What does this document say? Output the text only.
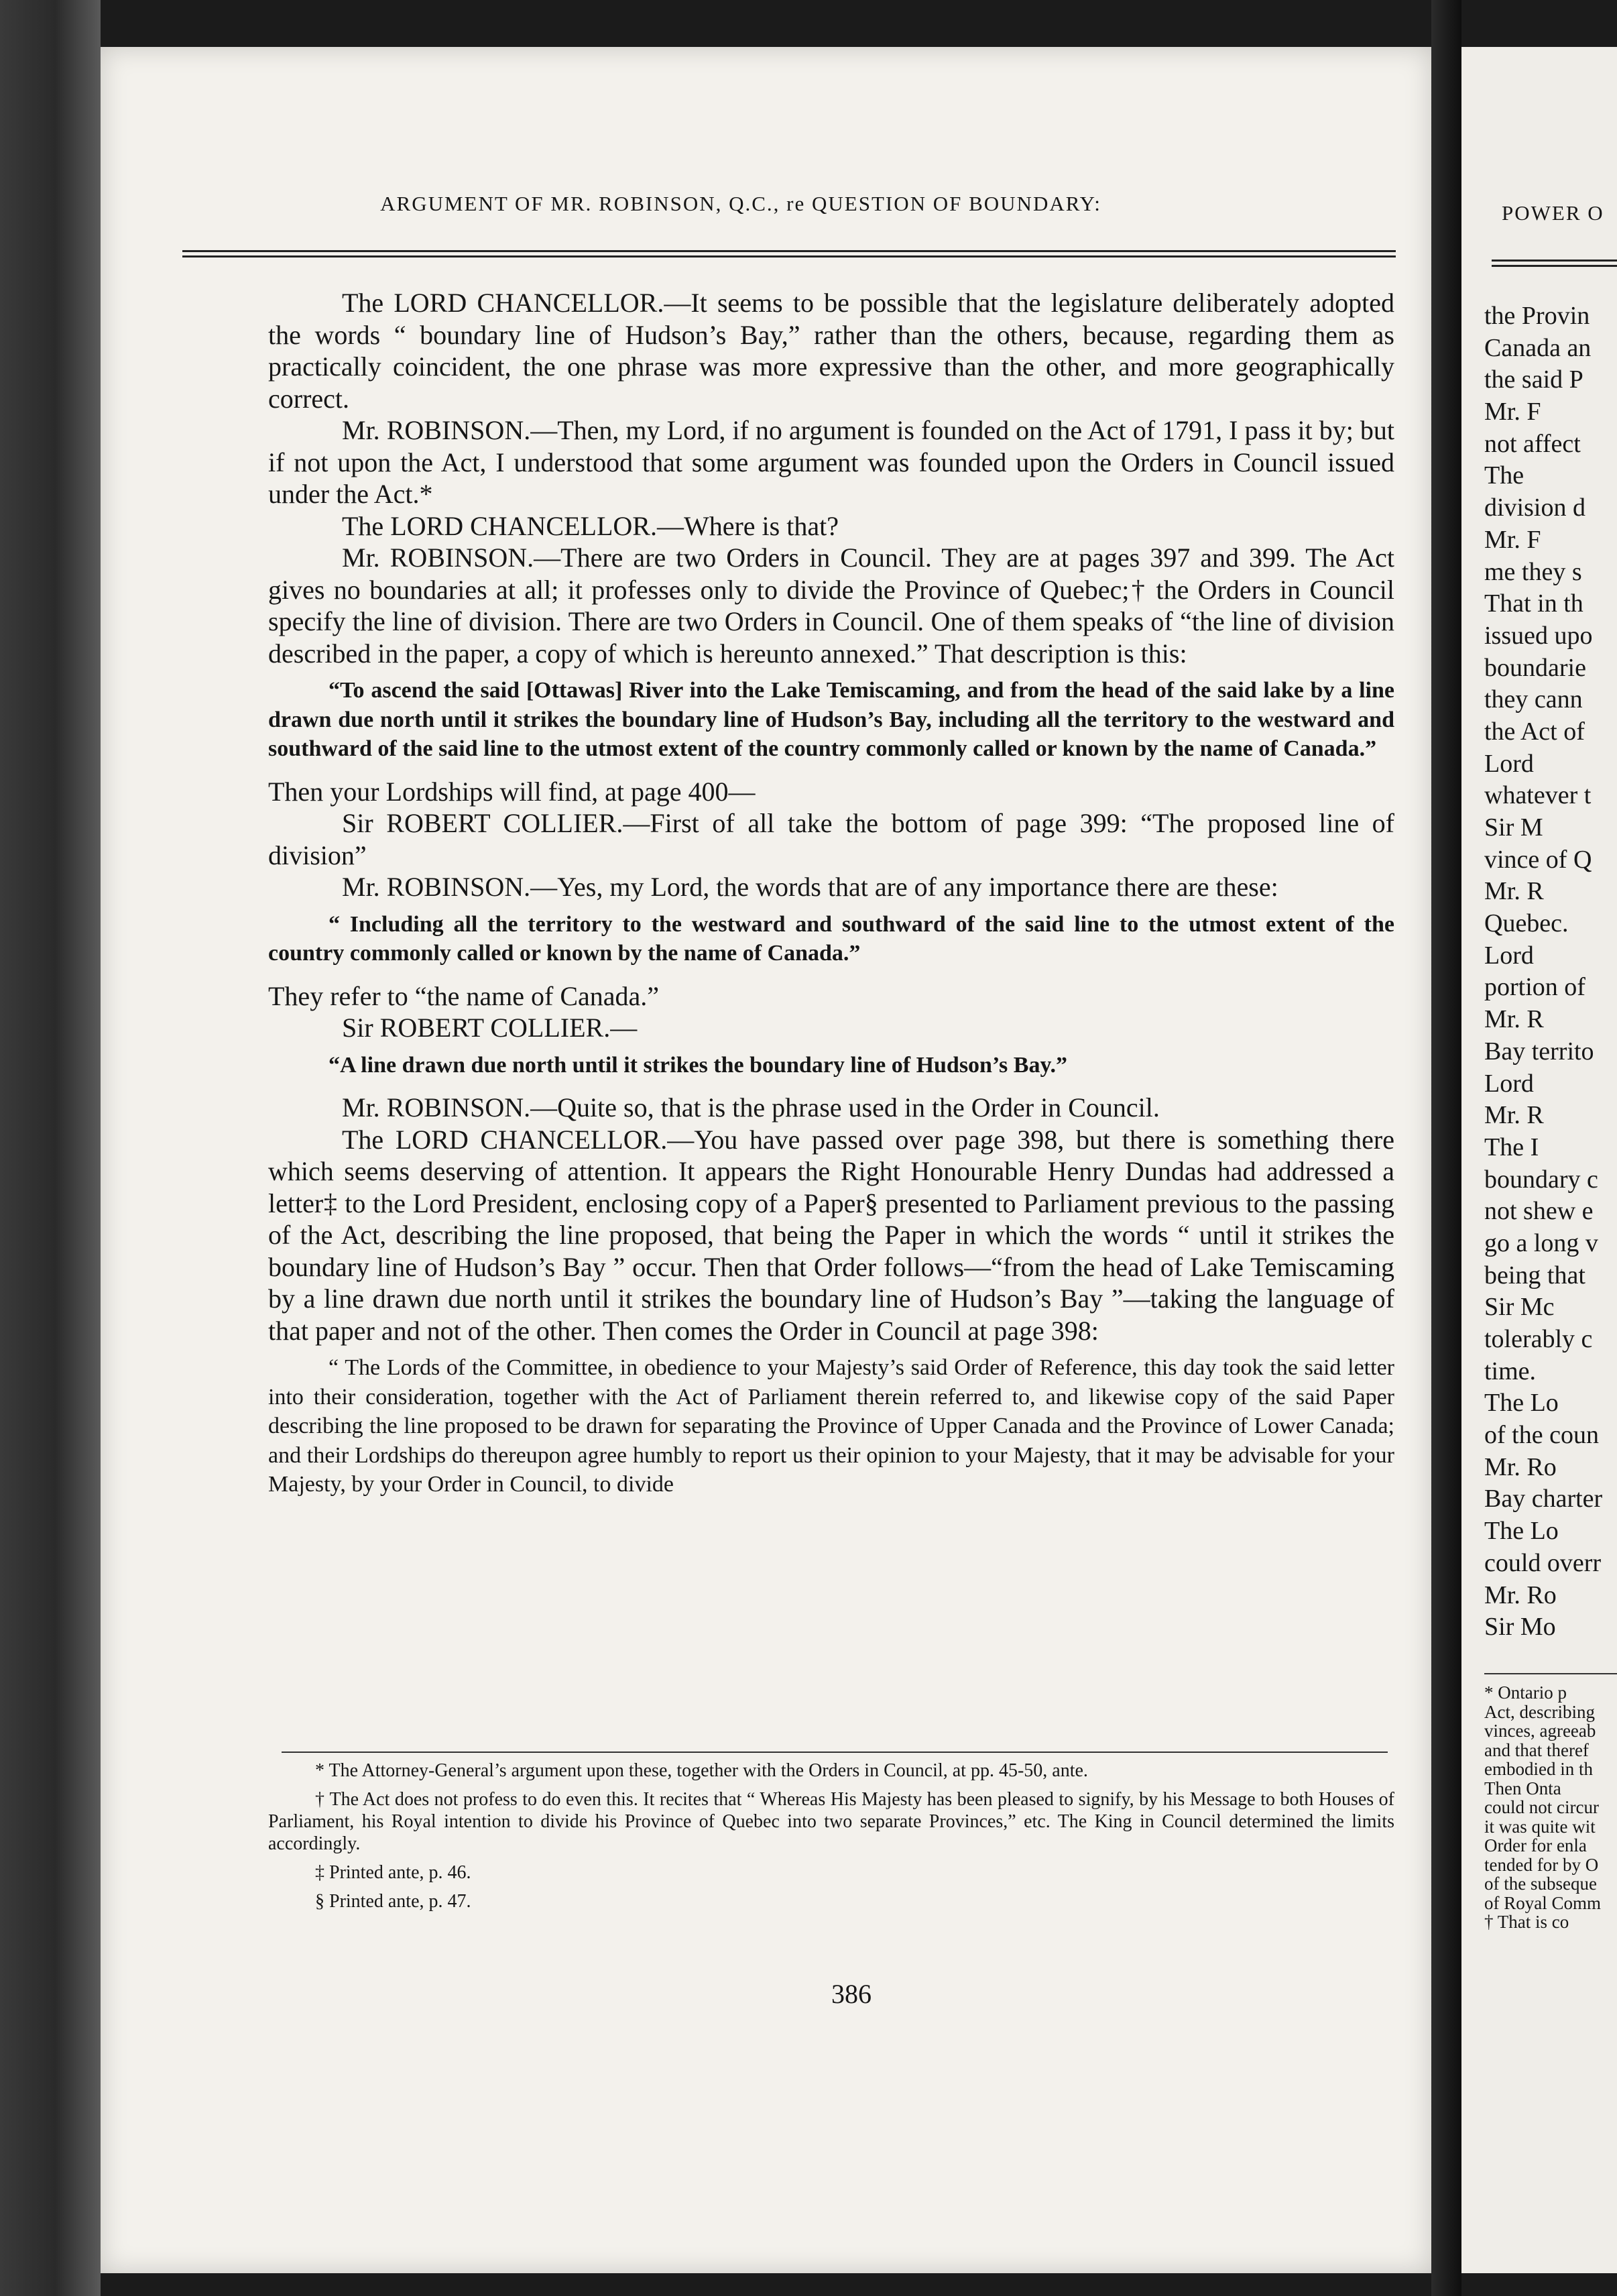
ARGUMENT OF MR. ROBINSON, Q.C., re QUESTION OF BOUNDARY:

The LORD CHANCELLOR.—It seems to be possible that the legislature deliberately adopted the words “ boundary line of Hudson’s Bay,” rather than the others, because, regarding them as practically coincident, the one phrase was more expressive than the other, and more geographically correct.

Mr. ROBINSON.—Then, my Lord, if no argument is founded on the Act of 1791, I pass it by; but if not upon the Act, I understood that some argument was founded upon the Orders in Council issued under the Act.*

The LORD CHANCELLOR.—Where is that?

Mr. ROBINSON.—There are two Orders in Council. They are at pages 397 and 399. The Act gives no boundaries at all; it professes only to divide the Province of Quebec;† the Orders in Council specify the line of division. There are two Orders in Council. One of them speaks of “the line of division described in the paper, a copy of which is hereunto annexed.” That description is this:

“To ascend the said [Ottawas] River into the Lake Temiscaming, and from the head of the said lake by a line drawn due north until it strikes the boundary line of Hudson’s Bay, including all the territory to the westward and southward of the said line to the utmost extent of the country commonly called or known by the name of Canada.”

Then your Lordships will find, at page 400—

Sir ROBERT COLLIER.—First of all take the bottom of page 399: “The proposed line of division”

Mr. ROBINSON.—Yes, my Lord, the words that are of any importance there are these:

“ Including all the territory to the westward and southward of the said line to the utmost extent of the country commonly called or known by the name of Canada.”

They refer to “the name of Canada.”

Sir ROBERT COLLIER.—

“A line drawn due north until it strikes the boundary line of Hudson’s Bay.”

Mr. ROBINSON.—Quite so, that is the phrase used in the Order in Council.

The LORD CHANCELLOR.—You have passed over page 398, but there is something there which seems deserving of attention. It appears the Right Honourable Henry Dundas had addressed a letter‡ to the Lord President, enclosing copy of a Paper§ presented to Parliament previous to the passing of the Act, describing the line proposed, that being the Paper in which the words “ until it strikes the boundary line of Hudson’s Bay ” occur. Then that Order follows—“from the head of Lake Temiscaming by a line drawn due north until it strikes the boundary line of Hudson’s Bay ”—taking the language of that paper and not of the other. Then comes the Order in Council at page 398:

“ The Lords of the Committee, in obedience to your Majesty’s said Order of Reference, this day took the said letter into their consideration, together with the Act of Parliament therein referred to, and likewise copy of the said Paper describing the line proposed to be drawn for separating the Province of Upper Canada and the Province of Lower Canada; and their Lordships do thereupon agree humbly to report us their opinion to your Majesty, that it may be advisable for your Majesty, by your Order in Council, to divide

* The Attorney-General’s argument upon these, together with the Orders in Council, at pp. 45-50, ante.

† The Act does not profess to do even this. It recites that “ Whereas His Majesty has been pleased to signify, by his Message to both Houses of Parliament, his Royal intention to divide his Province of Quebec into two separate Provinces,” etc. The King in Council determined the limits accordingly.

‡ Printed ante, p. 46.

§ Printed ante, p. 47.

386
POWER O
the Provin
Canada an
the said P
Mr. F
not affect
The
division d
Mr. F
me they s
That in th
issued upo
boundarie
they cann
the Act of
Lord
whatever t
Sir M
vince of Q
Mr. R
Quebec.
Lord
portion of
Mr. R
Bay territo
Lord
Mr. R
The I
boundary c
not shew e
go a long v
being that
Sir Mc
tolerably c
time.
The Lo
of the coun
Mr. Ro
Bay charter
The Lo
could overr
Mr. Ro
Sir Mo
* Ontario p
Act, describing
vinces, agreeab
and that theref
embodied in th
Then Onta
could not circur
it was quite wit
Order for enla
tended for by O
of the subseque
of Royal Comm
† That is co
